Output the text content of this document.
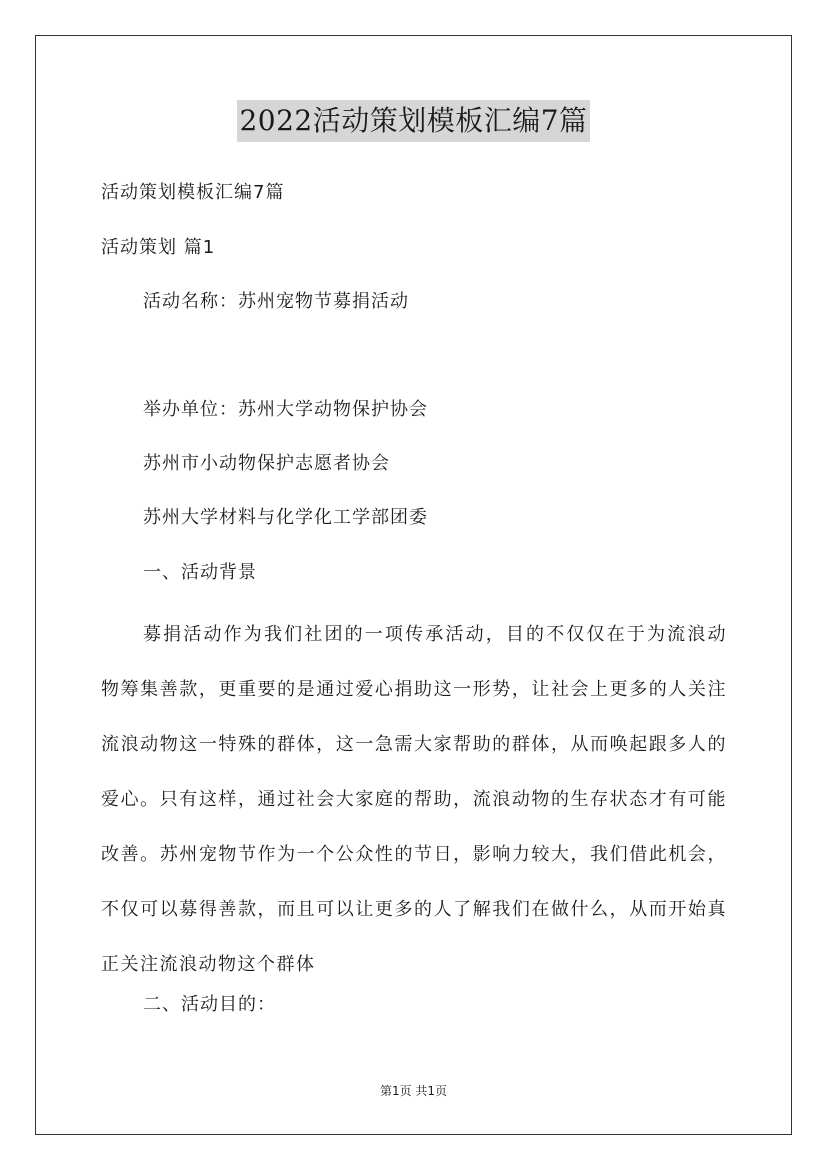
2022活动策划模板汇编7篇
活动策划模板汇编7篇
活动策划 篇1
活动名称：苏州宠物节募捐活动
举办单位：苏州大学动物保护协会
苏州市小动物保护志愿者协会
苏州大学材料与化学化工学部团委
一、活动背景

募捐活动作为我们社团的一项传承活动，目的不仅仅在于为流浪动物筹集善款，更重要的是通过爱心捐助这一形势，让社会上更多的人关注流浪动物这一特殊的群体，这一急需大家帮助的群体，从而唤起跟多人的爱心。只有这样，通过社会大家庭的帮助，流浪动物的生存状态才有可能改善。苏州宠物节作为一个公众性的节日，影响力较大，我们借此机会，不仅可以募得善款，而且可以让更多的人了解我们在做什么，从而开始真正关注流浪动物这个群体

二、活动目的：
第1页 共1页
